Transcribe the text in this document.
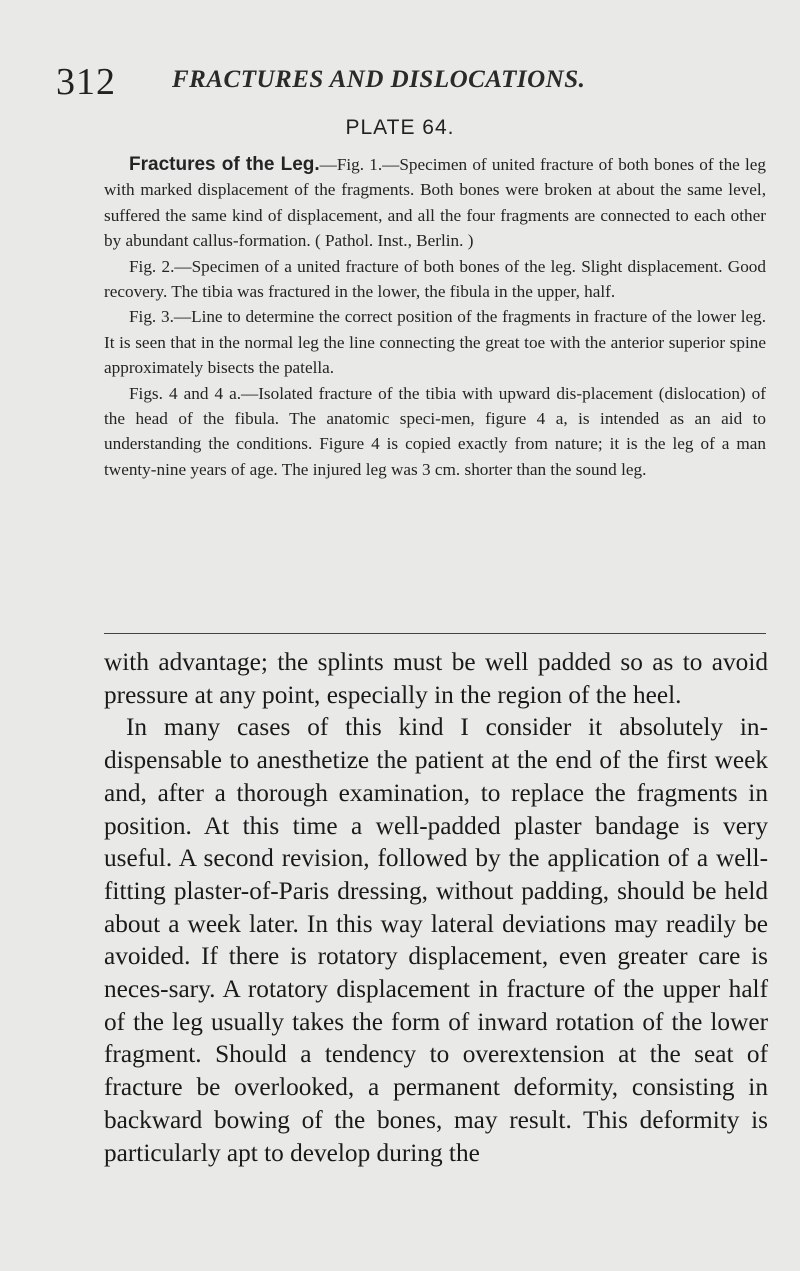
312 FRACTURES AND DISLOCATIONS.
PLATE 64.

Fractures of the Leg.—Fig. 1.—Specimen of united fracture of both bones of the leg with marked displacement of the fragments. Both bones were broken at about the same level, suffered the same kind of displacement, and all the four fragments are connected to each other by abundant callus-formation. ( Pathol. Inst., Berlin. )

Fig. 2.—Specimen of a united fracture of both bones of the leg. Slight displacement. Good recovery. The tibia was fractured in the lower, the fibula in the upper, half.

Fig. 3.—Line to determine the correct position of the fragments in fracture of the lower leg. It is seen that in the normal leg the line connecting the great toe with the anterior superior spine approximately bisects the patella.

Figs. 4 and 4 a.—Isolated fracture of the tibia with upward dis-placement (dislocation) of the head of the fibula. The anatomic speci-men, figure 4 a, is intended as an aid to understanding the conditions. Figure 4 is copied exactly from nature; it is the leg of a man twenty-nine years of age. The injured leg was 3 cm. shorter than the sound leg.

with advantage; the splints must be well padded so as to avoid pressure at any point, especially in the region of the heel.

In many cases of this kind I consider it absolutely in-dispensable to anesthetize the patient at the end of the first week and, after a thorough examination, to replace the fragments in position. At this time a well-padded plaster bandage is very useful. A second revision, followed by the application of a well-fitting plaster-of-Paris dressing, without padding, should be held about a week later. In this way lateral deviations may readily be avoided. If there is rotatory displacement, even greater care is neces-sary. A rotatory displacement in fracture of the upper half of the leg usually takes the form of inward rotation of the lower fragment. Should a tendency to overextension at the seat of fracture be overlooked, a permanent deformity, consisting in backward bowing of the bones, may result. This deformity is particularly apt to develop during the
